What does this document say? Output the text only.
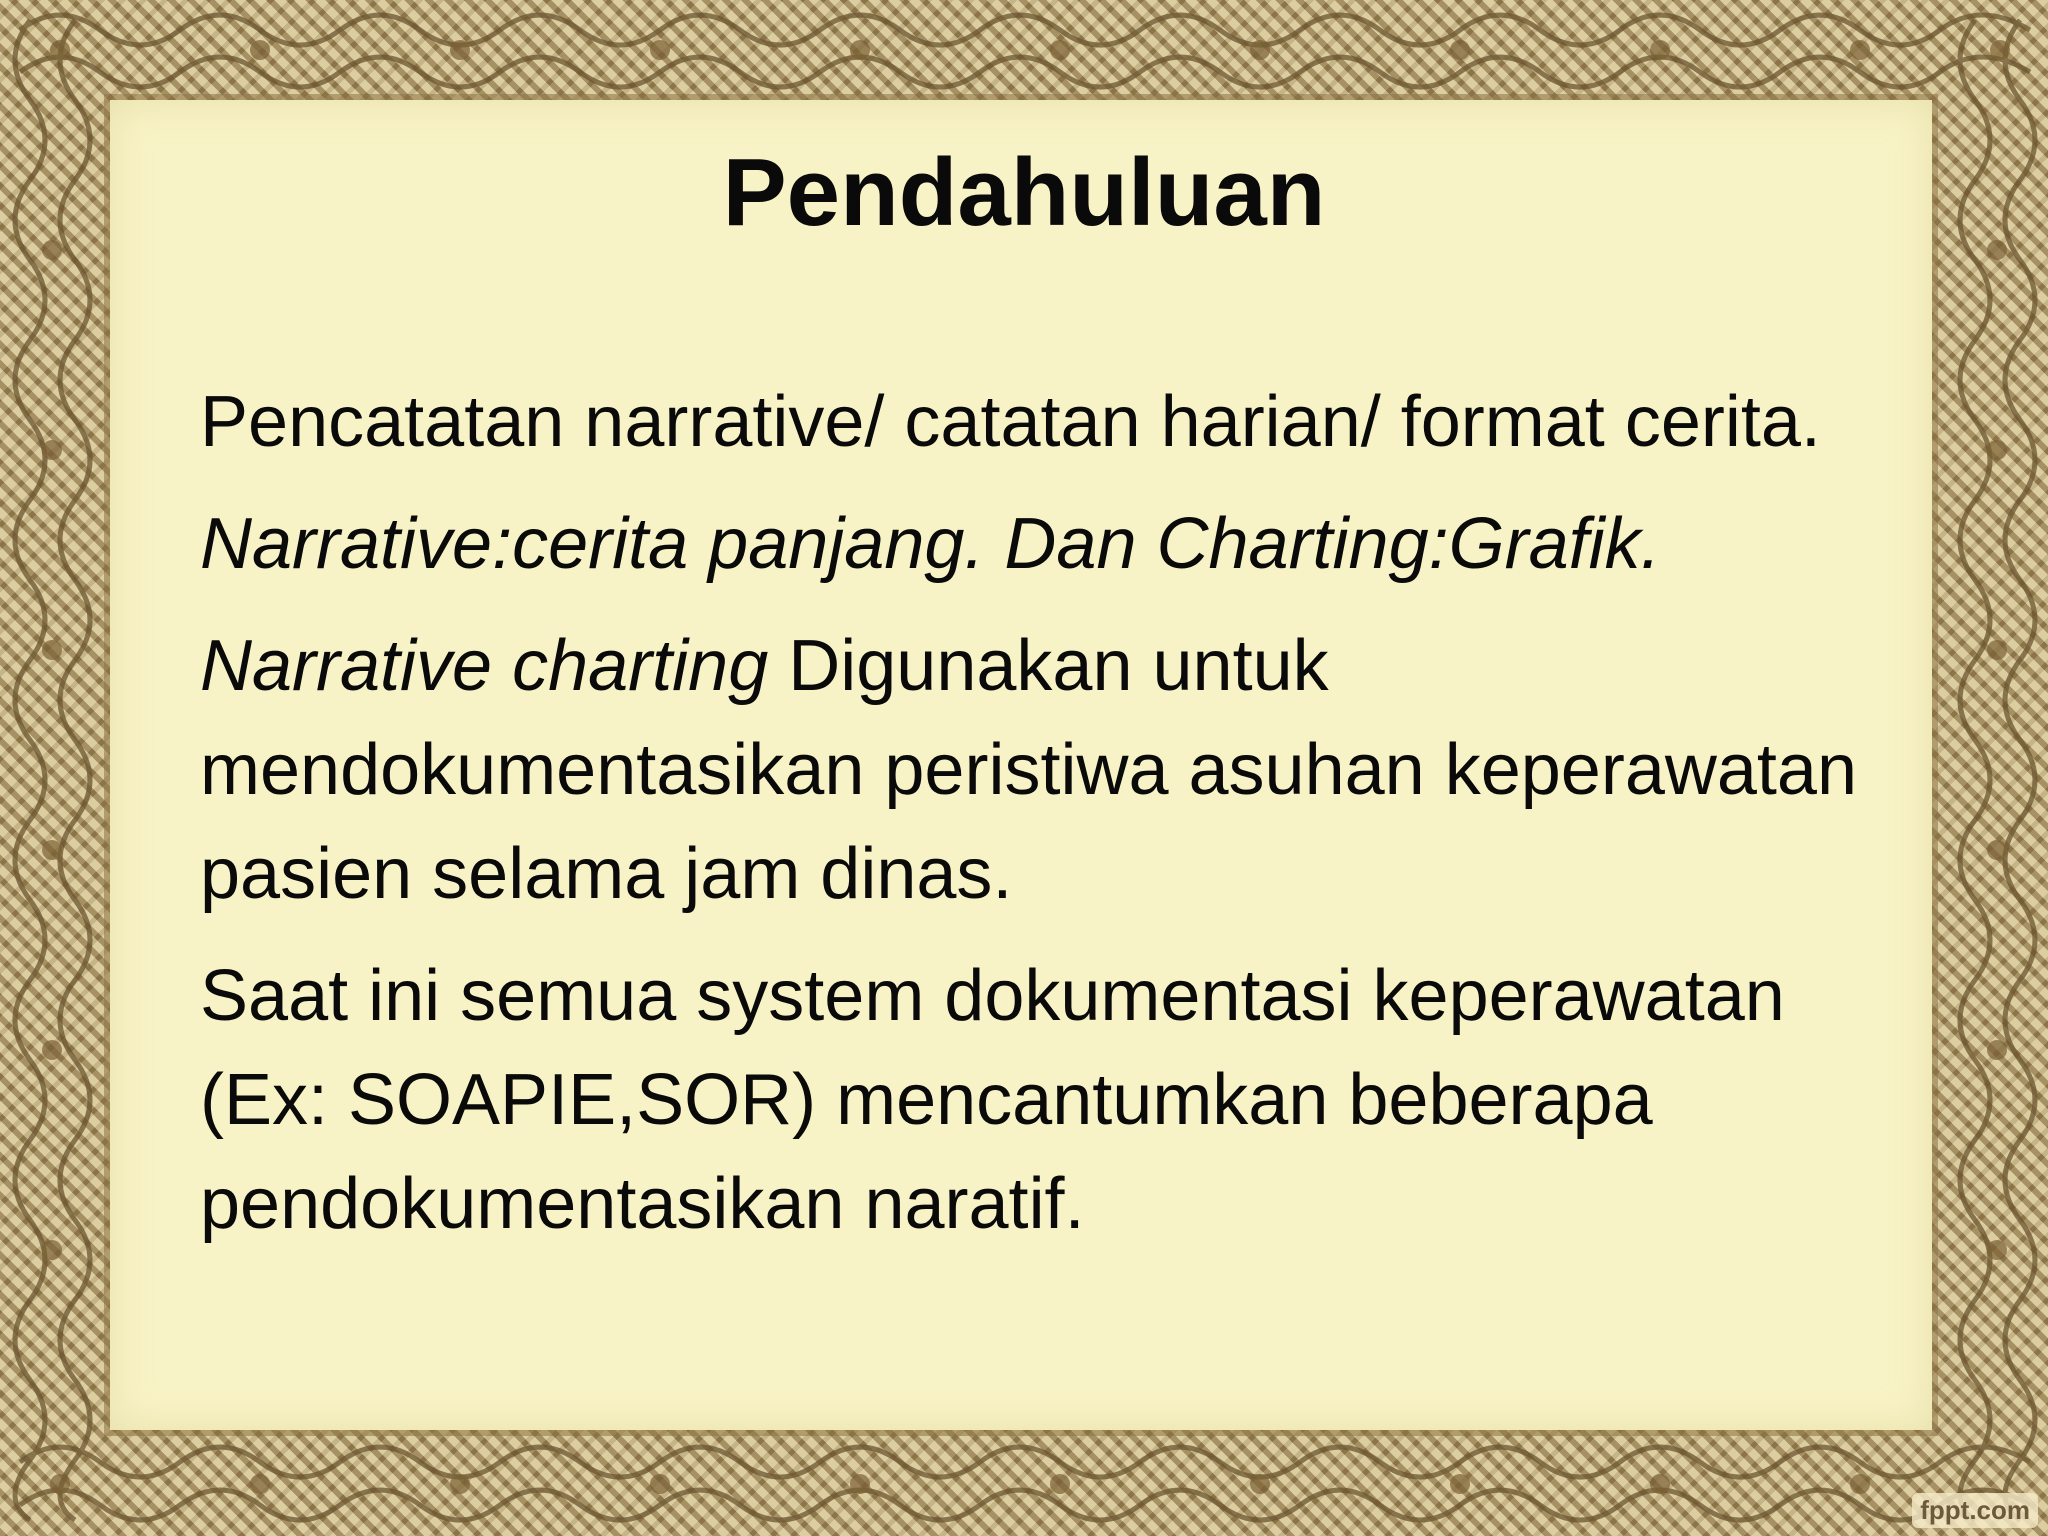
Pendahuluan

Pencatatan narrative/ catatan harian/ format cerita.

Narrative:cerita panjang. Dan Charting:Grafik.

Narrative charting Digunakan untuk mendokumentasikan peristiwa asuhan keperawatan pasien selama jam dinas.

Saat ini semua system dokumentasi keperawatan (Ex: SOAPIE,SOR) mencantumkan beberapa pendokumentasikan naratif.

fppt.com
